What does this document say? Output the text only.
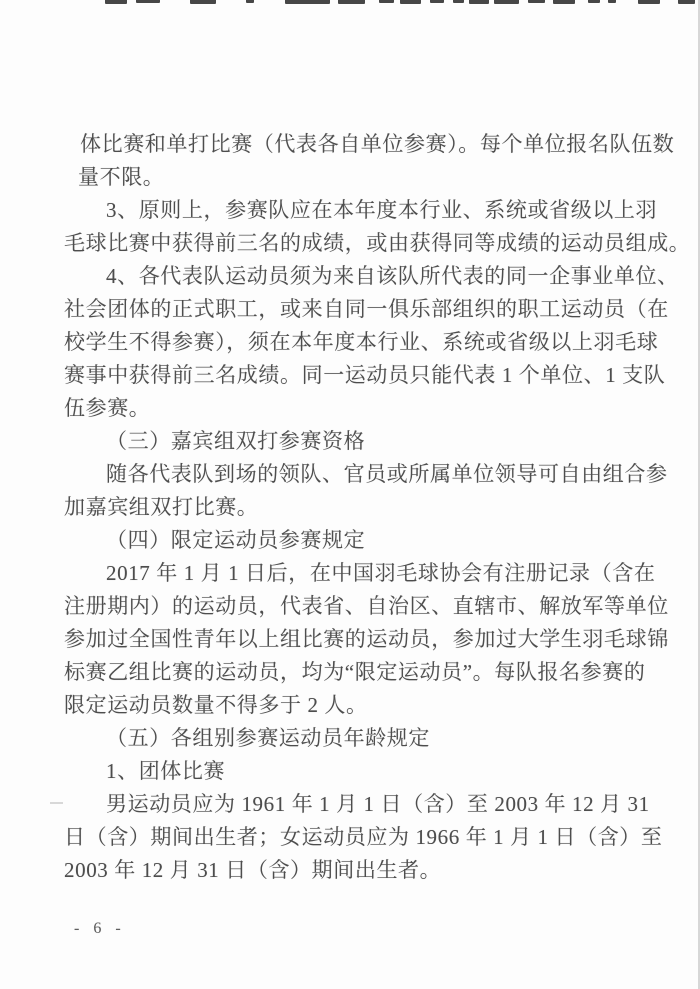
体比赛和单打比赛（代表各自单位参赛）。每个单位报名队伍数
量不限。
3、原则上，参赛队应在本年度本行业、系统或省级以上羽
毛球比赛中获得前三名的成绩，或由获得同等成绩的运动员组成。
4、各代表队运动员须为来自该队所代表的同一企事业单位、
社会团体的正式职工，或来自同一俱乐部组织的职工运动员（在
校学生不得参赛），须在本年度本行业、系统或省级以上羽毛球
赛事中获得前三名成绩。同一运动员只能代表 1 个单位、1 支队
伍参赛。
（三）嘉宾组双打参赛资格
随各代表队到场的领队、官员或所属单位领导可自由组合参
加嘉宾组双打比赛。
（四）限定运动员参赛规定
2017 年 1 月 1 日后，在中国羽毛球协会有注册记录（含在
注册期内）的运动员，代表省、自治区、直辖市、解放军等单位
参加过全国性青年以上组比赛的运动员，参加过大学生羽毛球锦
标赛乙组比赛的运动员，均为“限定运动员”。每队报名参赛的
限定运动员数量不得多于 2 人。
（五）各组别参赛运动员年龄规定
1、团体比赛
男运动员应为 1961 年 1 月 1 日（含）至 2003 年 12 月 31
日（含）期间出生者；女运动员应为 1966 年 1 月 1 日（含）至
2003 年 12 月 31 日（含）期间出生者。
- 6 -
